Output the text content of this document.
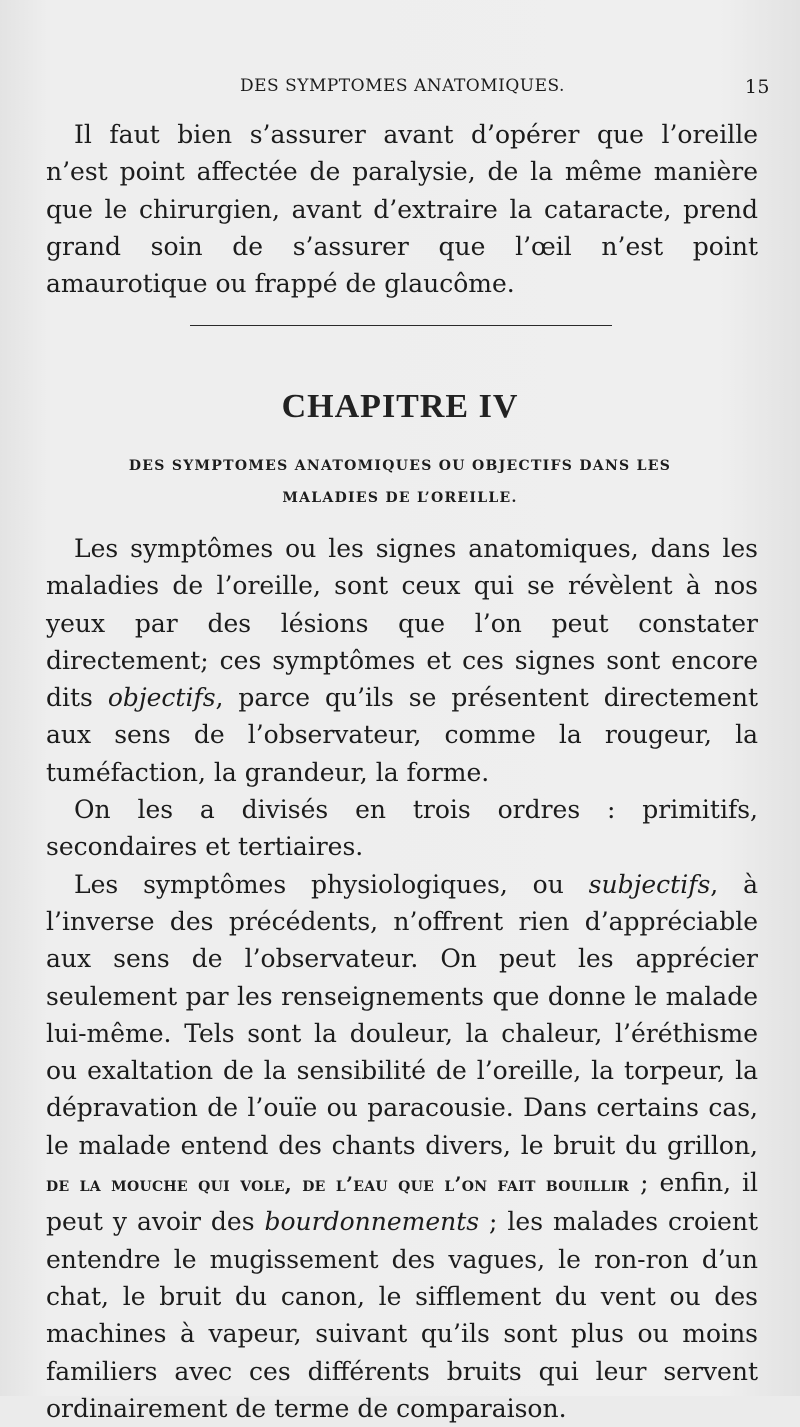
DES SYMPTOMES ANATOMIQUES.	15

Il faut bien s’assurer avant d’opérer que l’oreille n’est point affectée de paralysie, de la même manière que le chirurgien, avant d’extraire la cataracte, prend grand soin de s’assurer que l’œil n’est point amaurotique ou frappé de glaucôme.

CHAPITRE IV
DES SYMPTOMES ANATOMIQUES OU OBJECTIFS DANS LES
MALADIES DE L’OREILLE.

Les symptômes ou les signes anatomiques, dans les maladies de l’oreille, sont ceux qui se révèlent à nos yeux par des lésions que l’on peut constater directement; ces symptômes et ces signes sont encore dits objectifs, parce qu’ils se présentent directement aux sens de l’observateur, comme la rougeur, la tuméfaction, la grandeur, la forme.

On les a divisés en trois ordres : primitifs, secondaires et tertiaires.

Les symptômes physiologiques, ou subjectifs, à l’inverse des précédents, n’offrent rien d’appréciable aux sens de l’observateur. On peut les apprécier seulement par les renseignements que donne le malade lui-même. Tels sont la douleur, la chaleur, l’éréthisme ou exaltation de la sensibilité de l’oreille, la torpeur, la dépravation de l’ouïe ou paracousie. Dans certains cas, le malade entend des chants divers, le bruit du grillon, de la mouche qui vole, de l’eau que l’on fait bouillir ; enfin, il peut y avoir des bourdonnements ; les malades croient entendre le mugissement des vagues, le ron-ron d’un chat, le bruit du canon, le sifflement du vent ou des machines à vapeur, suivant qu’ils sont plus ou moins familiers avec ces différents bruits qui leur servent ordinairement de terme de comparaison.
